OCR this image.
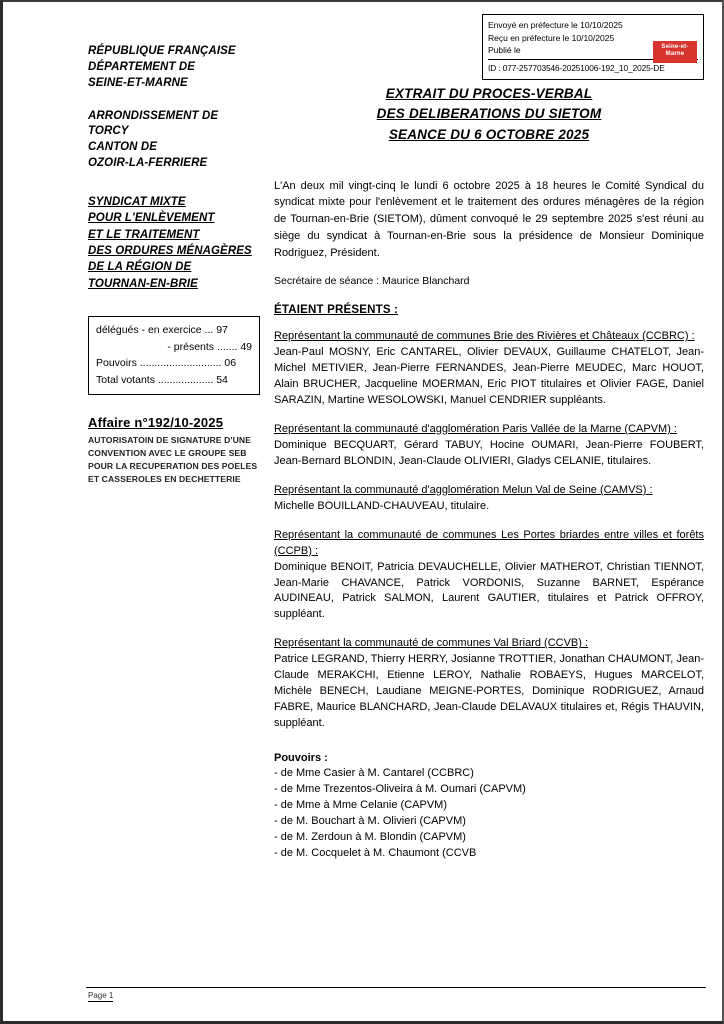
Envoyé en préfecture le 10/10/2025
Reçu en préfecture le 10/10/2025
Publié le
ID : 077-257703546-20251006-192_10_2025-DE
Seine-et-Marne
RÉPUBLIQUE FRANÇAISE
DÉPARTEMENT DE
SEINE-ET-MARNE
ARRONDISSEMENT DE
TORCY
CANTON DE
OZOIR-LA-FERRIERE
SYNDICAT MIXTE
POUR L'ENLÈVEMENT
ET LE TRAITEMENT
DES ORDURES MÉNAGÈRES
DE LA RÉGION DE
TOURNAN-EN-BRIE
délégués - en exercice ... 97
- présents ....... 49
Pouvoirs ............................ 06
Total votants ................... 54
Affaire n°192/10-2025
AUTORISATOIN DE SIGNATURE D'UNE CONVENTION AVEC LE GROUPE SEB POUR LA RECUPERATION DES POELES ET CASSEROLES EN DECHETTERIE
EXTRAIT DU PROCES-VERBAL
DES DELIBERATIONS DU SIETOM
SEANCE DU 6 OCTOBRE 2025
L'An deux mil vingt-cinq le lundi 6 octobre 2025 à 18 heures le Comité Syndical du syndicat mixte pour l'enlèvement et le traitement des ordures ménagères de la région de Tournan-en-Brie (SIETOM), dûment convoqué le 29 septembre 2025 s'est réuni au siège du syndicat à Tournan-en-Brie sous la présidence de Monsieur Dominique Rodriguez, Président.
Secrétaire de séance : Maurice Blanchard
ÉTAIENT PRÉSENTS :
Représentant la communauté de communes Brie des Rivières et Châteaux (CCBRC) :
Jean-Paul MOSNY, Eric CANTAREL, Olivier DEVAUX, Guillaume CHATELOT, Jean-Michel METIVIER, Jean-Pierre FERNANDES, Jean-Pierre MEUDEC, Marc HOUOT, Alain BRUCHER, Jacqueline MOERMAN, Eric PIOT titulaires et Olivier FAGE, Daniel SARAZIN, Martine WESOLOWSKI, Manuel CENDRIER suppléants.
Représentant la communauté d'agglomération Paris Vallée de la Marne (CAPVM) :
Dominique BECQUART, Gérard TABUY, Hocine OUMARI, Jean-Pierre FOUBERT, Jean-Bernard BLONDIN, Jean-Claude OLIVIERI, Gladys CELANIE, titulaires.
Représentant la communauté d'agglomération Melun Val de Seine (CAMVS) :
Michelle BOUILLAND-CHAUVEAU, titulaire.
Représentant la communauté de communes Les Portes briardes entre villes et forêts (CCPB) :
Dominique BENOIT, Patricia DEVAUCHELLE, Olivier MATHEROT, Christian TIENNOT, Jean-Marie CHAVANCE, Patrick VORDONIS, Suzanne BARNET, Espérance AUDINEAU, Patrick SALMON, Laurent GAUTIER, titulaires et Patrick OFFROY, suppléant.
Représentant la communauté de communes Val Briard (CCVB) :
Patrice LEGRAND, Thierry HERRY, Josianne TROTTIER, Jonathan CHAUMONT, Jean-Claude MERAKCHI, Etienne LEROY, Nathalie ROBAEYS, Hugues MARCELOT, Michèle BENECH, Laudiane MEIGNE-PORTES, Dominique RODRIGUEZ, Arnaud FABRE, Maurice BLANCHARD, Jean-Claude DELAVAUX titulaires et, Régis THAUVIN, suppléant.
Pouvoirs :
- de Mme Casier à M. Cantarel (CCBRC)
- de Mme Trezentos-Oliveira à M. Oumari (CAPVM)
- de Mme à Mme Celanie (CAPVM)
- de M. Bouchart à M. Olivieri (CAPVM)
- de M. Zerdoun à M. Blondin (CAPVM)
- de M. Cocquelet à M. Chaumont (CCVB
Page 1
